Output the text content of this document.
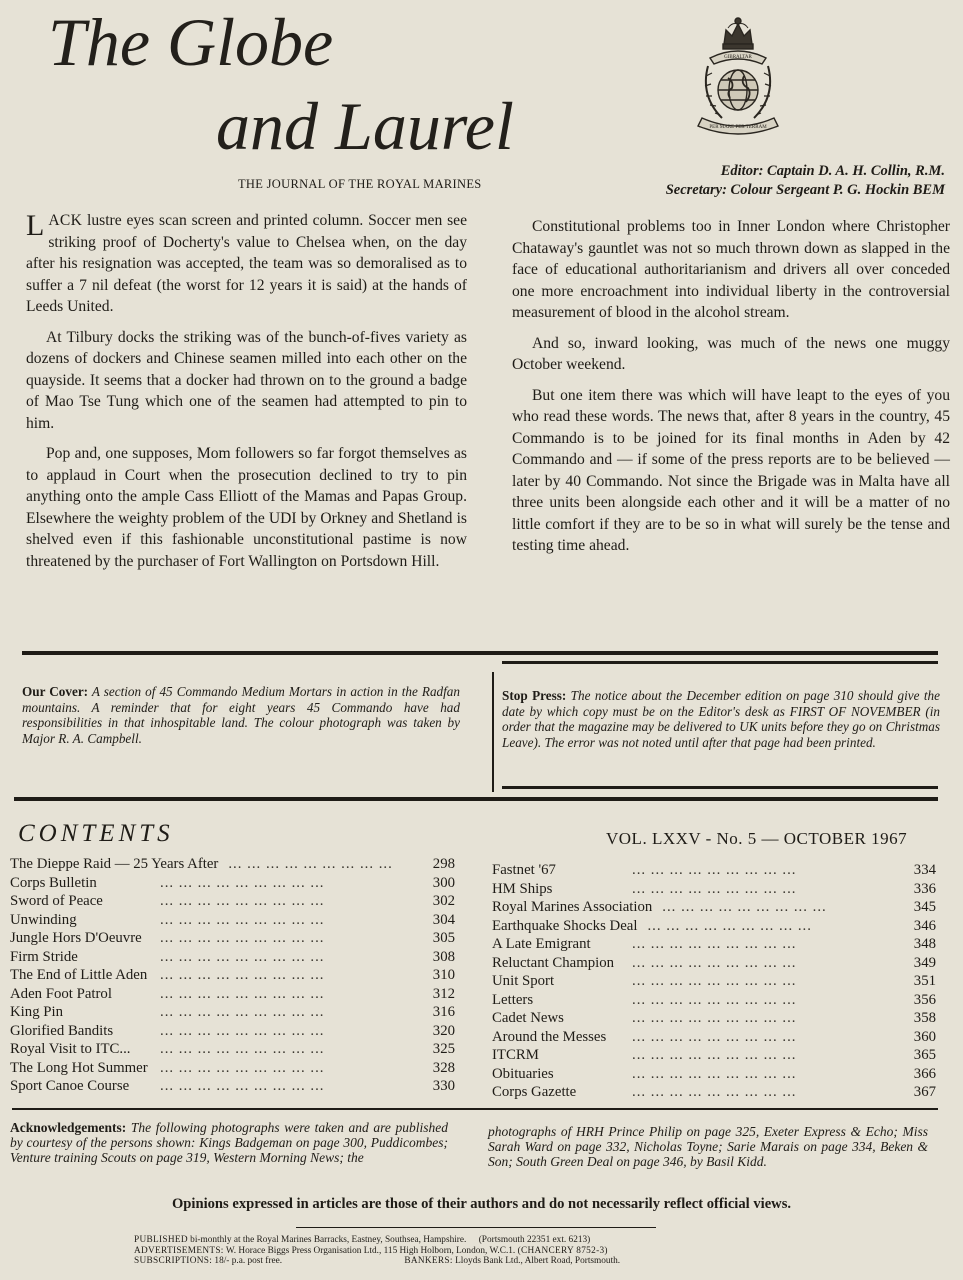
The Globe
and Laurel
THE JOURNAL OF THE ROYAL MARINES
GIBRALTAR
PER MARE PER TERRAM
Editor: Captain D. A. H. Collin, R.M.
Secretary: Colour Sergeant P. G. Hockin BEM

LACK lustre eyes scan screen and printed column. Soccer men see striking proof of Docherty's value to Chelsea when, on the day after his resignation was accepted, the team was so demoralised as to suffer a 7 nil defeat (the worst for 12 years it is said) at the hands of Leeds United.

At Tilbury docks the striking was of the bunch-of-fives variety as dozens of dockers and Chinese seamen milled into each other on the quayside. It seems that a docker had thrown on to the ground a badge of Mao Tse Tung which one of the seamen had attempted to pin to him.

Pop and, one supposes, Mom followers so far forgot themselves as to applaud in Court when the prosecution declined to try to pin anything onto the ample Cass Elliott of the Mamas and Papas Group. Elsewhere the weighty problem of the UDI by Orkney and Shetland is shelved even if this fashionable unconstitutional pastime is now threatened by the purchaser of Fort Wallington on Portsdown Hill.

Constitutional problems too in Inner London where Christopher Chataway's gauntlet was not so much thrown down as slapped in the face of educational authoritarianism and drivers all over conceded one more encroachment into individual liberty in the controversial measurement of blood in the alcohol stream.

And so, inward looking, was much of the news one muggy October weekend.

But one item there was which will have leapt to the eyes of you who read these words. The news that, after 8 years in the country, 45 Commando is to be joined for its final months in Aden by 42 Commando and — if some of the press reports are to be believed — later by 40 Commando. Not since the Brigade was in Malta have all three units been alongside each other and it will be a matter of no little comfort if they are to be so in what will surely be the tense and testing time ahead.

Our Cover: A section of 45 Commando Medium Mortars in action in the Radfan mountains. A reminder that for eight years 45 Commando have had responsibilities in that inhospitable land. The colour photograph was taken by Major R. A. Campbell.
Stop Press: The notice about the December edition on page 310 should give the date by which copy must be on the Editor's desk as FIRST OF NOVEMBER (in order that the magazine may be delivered to UK units before they go on Christmas Leave). The error was not noted until after that page had been printed.
CONTENTS	VOL. LXXV - No. 5 — OCTOBER 1967
The Dieppe Raid — 25 Years After ... ... ... ... ... ... ... ... ...	298
Corps Bulletin	... ... ... ... ... ... ... ... ...	300
Sword of Peace	... ... ... ... ... ... ... ... ...	302
Unwinding	... ... ... ... ... ... ... ... ...	304
Jungle Hors D'Oeuvre ... ... ... ... ... ... ... ... ...	305
Firm Stride	... ... ... ... ... ... ... ... ...	308
The End of Little Aden ... ... ... ... ... ... ... ... ...	310
Aden Foot Patrol	... ... ... ... ... ... ... ... ...	312
King Pin	... ... ... ... ... ... ... ... ...	316
Glorified Bandits	... ... ... ... ... ... ... ... ...	320
Royal Visit to ITC... ... ... ... ... ... ... ... ... ...	325
The Long Hot Summer ... ... ... ... ... ... ... ... ...	328
Sport Canoe Course ... ... ... ... ... ... ... ... ...	330
Fastnet '67	... ... ... ... ... ... ... ... ...	334
HM Ships	... ... ... ... ... ... ... ... ...	336
Royal Marines Association ... ... ... ... ... ... ... ... ...	345
Earthquake Shocks Deal ... ... ... ... ... ... ... ... ...	346
A Late Emigrant	... ... ... ... ... ... ... ... ...	348
Reluctant Champion ... ... ... ... ... ... ... ... ...	349
Unit Sport	... ... ... ... ... ... ... ... ...	351
Letters	... ... ... ... ... ... ... ... ...	356
Cadet News	... ... ... ... ... ... ... ... ...	358
Around the Messes ... ... ... ... ... ... ... ... ...	360
ITCRM	... ... ... ... ... ... ... ... ...	365
Obituaries	... ... ... ... ... ... ... ... ...	366
Corps Gazette	... ... ... ... ... ... ... ... ...	367
Acknowledgements: The following photographs were taken and are published by courtesy of the persons shown: Kings Badgeman on page 300, Puddicombes; Venture training Scouts on page 319, Western Morning News; the
photographs of HRH Prince Philip on page 325, Exeter Express & Echo; Miss Sarah Ward on page 332, Nicholas Toyne; Sarie Marais on page 334, Beken & Son; South Green Deal on page 346, by Basil Kidd.
Opinions expressed in articles are those of their authors and do not necessarily reflect official views.
PUBLISHED bi-monthly at the Royal Marines Barracks, Eastney, Southsea, Hampshire. (Portsmouth 22351 ext. 6213)
ADVERTISEMENTS: W. Horace Biggs Press Organisation Ltd., 115 High Holborn, London, W.C.1. (CHANCERY 8752-3)
SUBSCRIPTIONS: 18/- p.a. post free.	BANKERS: Lloyds Bank Ltd., Albert Road, Portsmouth.
